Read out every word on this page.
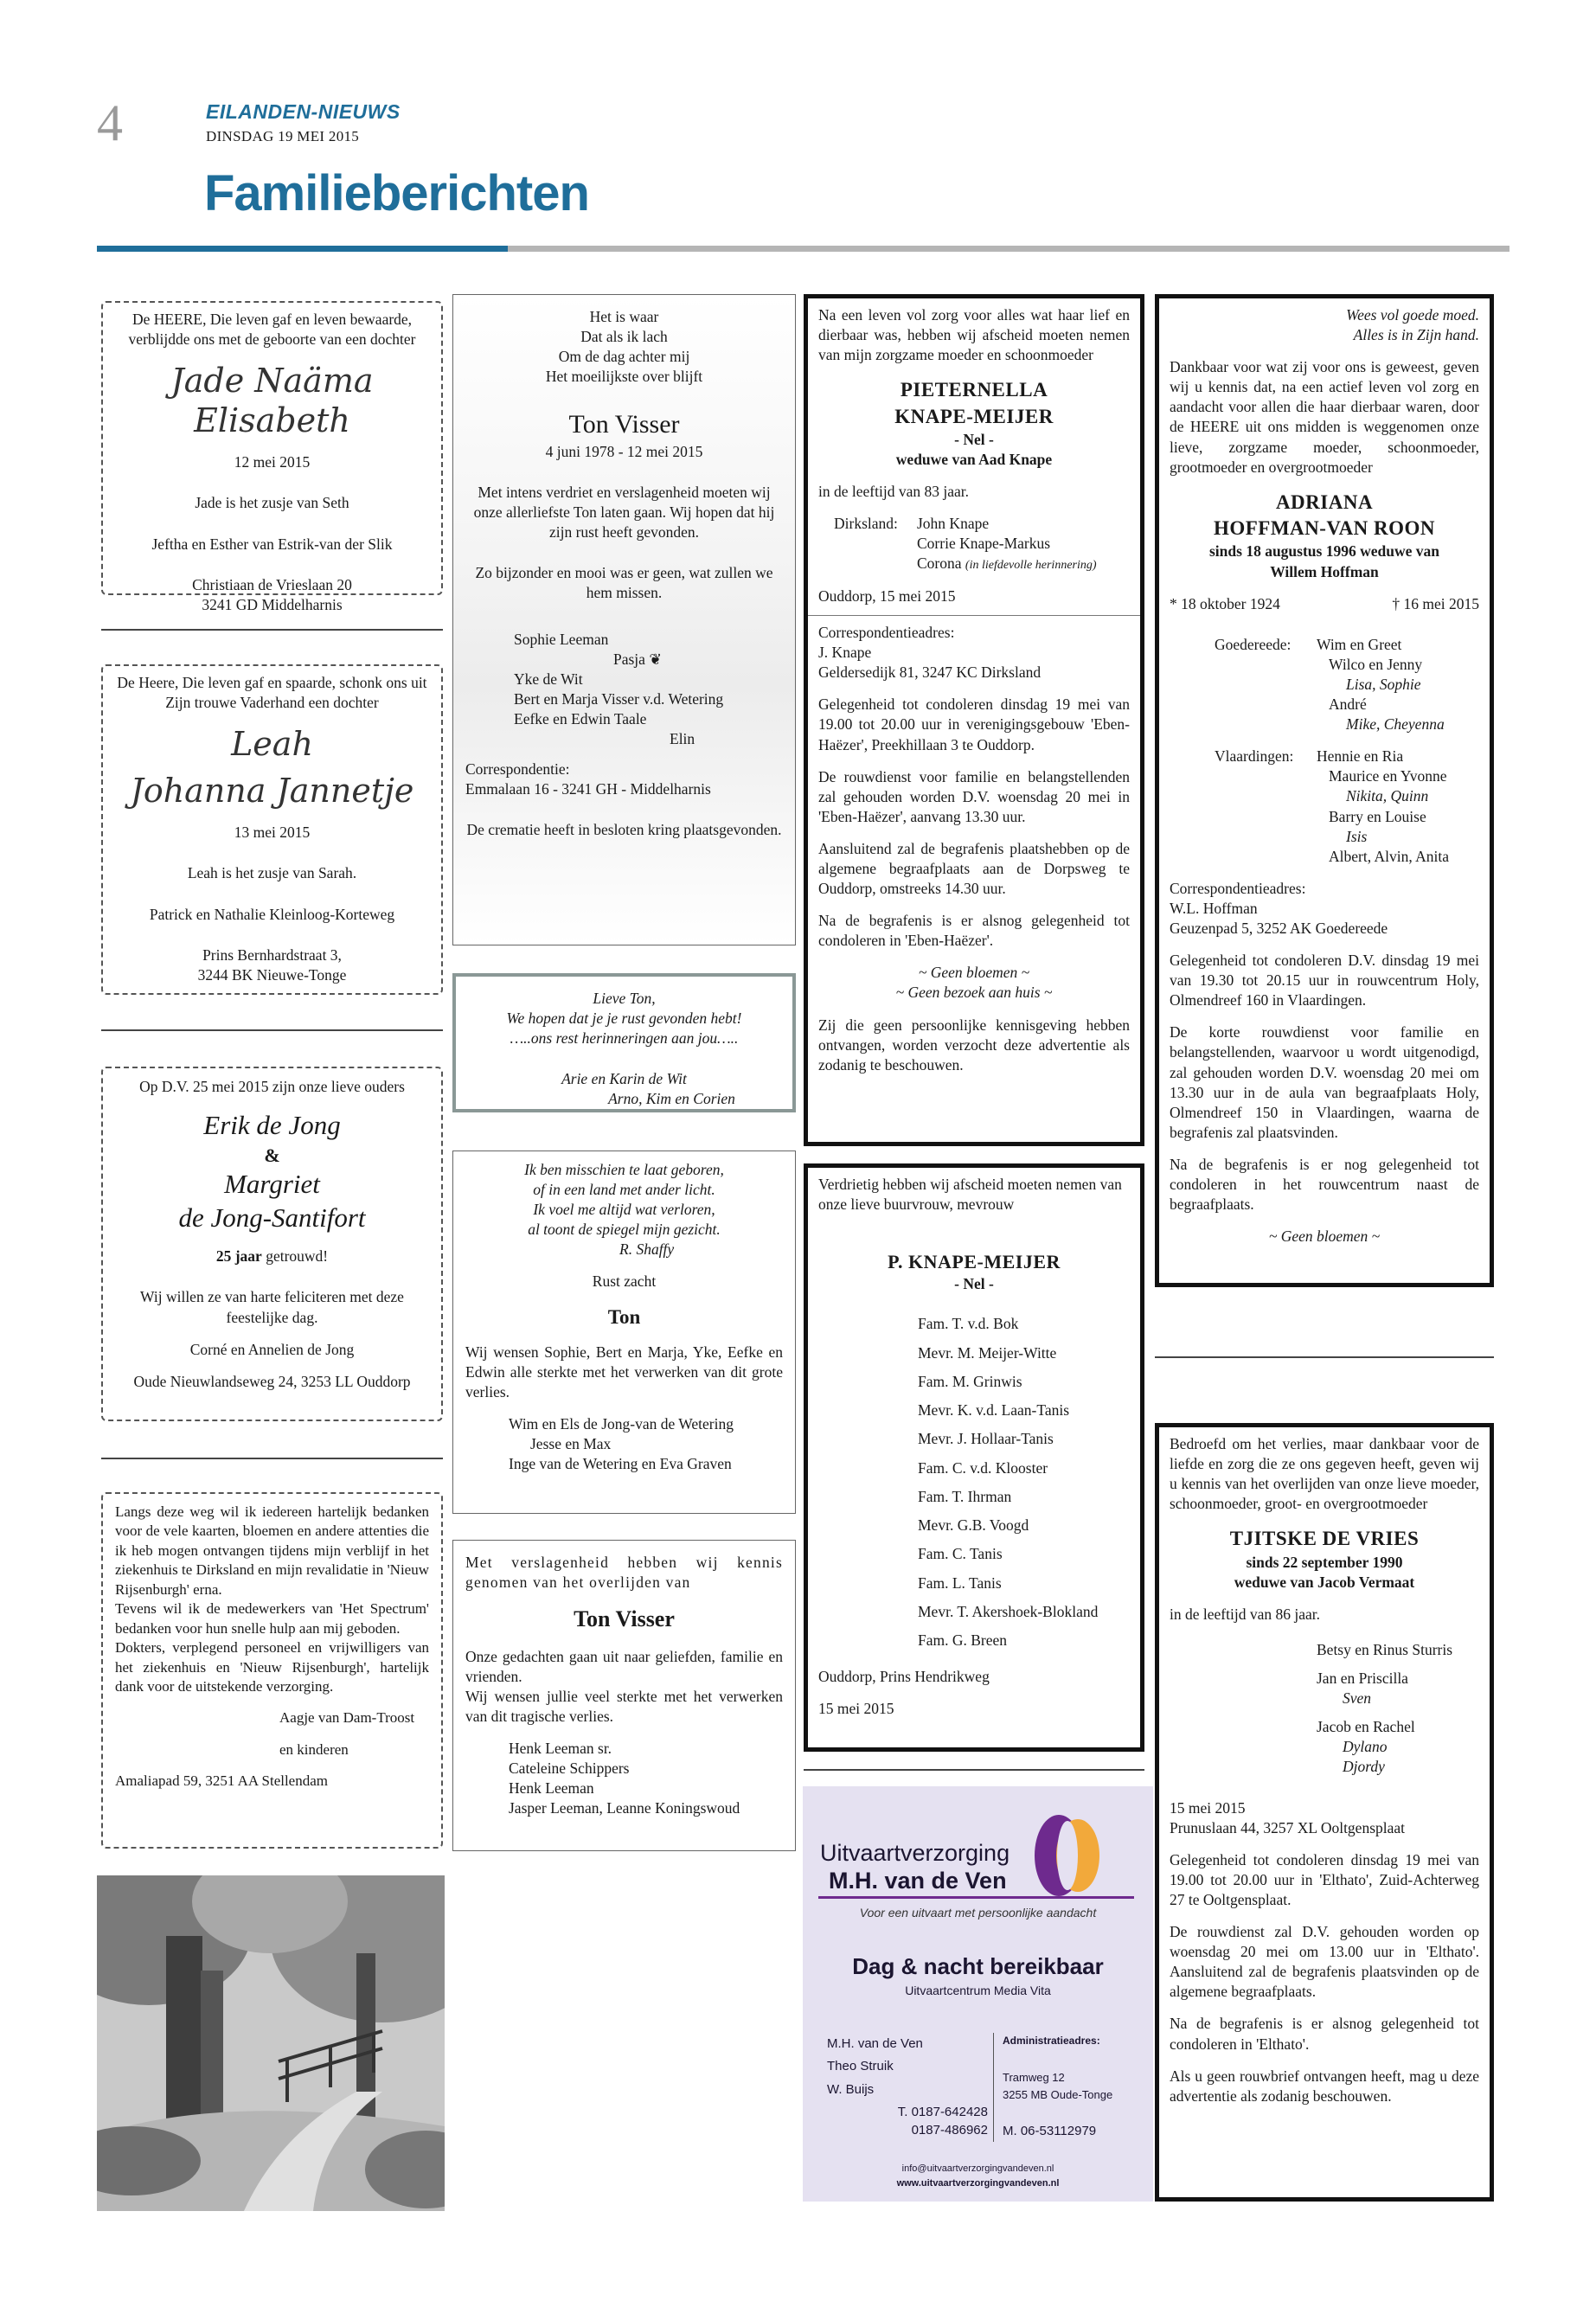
4	EILANDEN-NIEUWS
DINSDAG 19 MEI 2015
Familieberichten
De HEERE, Die leven gaf en leven bewaarde, verblijdde ons met de geboorte van een dochter
Jade Naäma Elisabeth
12 mei 2015
Jade is het zusje van Seth
Jeftha en Esther van Estrik-van der Slik
Christiaan de Vrieslaan 20
3241 GD Middelharnis
De Heere, Die leven gaf en spaarde, schonk ons uit Zijn trouwe Vaderhand een dochter
Leah
Johanna Jannetje
13 mei 2015
Leah is het zusje van Sarah.
Patrick en Nathalie Kleinloog-Korteweg
Prins Bernhardstraat 3,
3244 BK Nieuwe-Tonge
Op D.V. 25 mei 2015 zijn onze lieve ouders
Erik de Jong
&
Margriet
de Jong-Santifort
25 jaar getrouwd!
Wij willen ze van harte feliciteren met deze feestelijke dag.
Corné en Annelien de Jong
Oude Nieuwlandseweg 24, 3253 LL Ouddorp
Langs deze weg wil ik iedereen hartelijk bedanken voor de vele kaarten, bloemen en andere attenties die ik heb mogen ontvangen tijdens mijn verblijf in het ziekenhuis te Dirksland en mijn revalidatie in 'Nieuw Rijsenburgh' erna.
Tevens wil ik de medewerkers van 'Het Spectrum' bedanken voor hun snelle hulp aan mij geboden.
Dokters, verplegend personeel en vrijwilligers van het ziekenhuis en 'Nieuw Rijsenburgh', hartelijk dank voor de uitstekende verzorging.
Aagje van Dam-Troost
en kinderen
Amaliapad 59, 3251 AA Stellendam
Het is waar
Dat als ik lach
Om de dag achter mij
Het moeilijkste over blijft
Ton Visser
4 juni 1978 - 12 mei 2015
Met intens verdriet en verslagenheid moeten wij onze allerliefste Ton laten gaan. Wij hopen dat hij zijn rust heeft gevonden.
Zo bijzonder en mooi was er geen, wat zullen we hem missen.
Sophie Leeman
Pasja ❦
Yke de Wit
Bert en Marja Visser v.d. Wetering
Eefke en Edwin Taale
Elin
Correspondentie:
Emmalaan 16 - 3241 GH - Middelharnis
De crematie heeft in besloten kring plaatsgevonden.
Lieve Ton,
We hopen dat je je rust gevonden hebt!
…..ons rest herinneringen aan jou…..
Arie en Karin de Wit
Arno, Kim en Corien
Ik ben misschien te laat geboren,
of in een land met ander licht.
Ik voel me altijd wat verloren,
al toont de spiegel mijn gezicht.
R. Shaffy
Rust zacht
Ton
Wij wensen Sophie, Bert en Marja, Yke, Eefke en Edwin alle sterkte met het verwerken van dit grote verlies.
Wim en Els de Jong-van de Wetering
Jesse en Max
Inge van de Wetering en Eva Graven
Met verslagenheid hebben wij kennis genomen van het overlijden van
Ton Visser
Onze gedachten gaan uit naar geliefden, familie en vrienden.
Wij wensen jullie veel sterkte met het verwerken van dit tragische verlies.
Henk Leeman sr.
Cateleine Schippers
Henk Leeman
Jasper Leeman, Leanne Koningswoud
Na een leven vol zorg voor alles wat haar lief en dierbaar was, hebben wij afscheid moeten nemen van mijn zorgzame moeder en schoonmoeder
PIETERNELLA
KNAPE-MEIJER
- Nel -
weduwe van Aad Knape
in de leeftijd van 83 jaar.
Dirksland:	John Knape
Corrie Knape-Markus
Corona (in liefdevolle herinnering)
Ouddorp, 15 mei 2015
Correspondentieadres:
J. Knape
Geldersedijk 81, 3247 KC Dirksland
Gelegenheid tot condoleren dinsdag 19 mei van 19.00 tot 20.00 uur in verenigingsgebouw 'Eben-Haëzer', Preekhillaan 3 te Ouddorp.
De rouwdienst voor familie en belangstellenden zal gehouden worden D.V. woensdag 20 mei in 'Eben-Haëzer', aanvang 13.30 uur.
Aansluitend zal de begrafenis plaatshebben op de algemene begraafplaats aan de Dorpsweg te Ouddorp, omstreeks 14.30 uur.
Na de begrafenis is er alsnog gelegenheid tot condoleren in 'Eben-Haëzer'.
~ Geen bloemen ~
~ Geen bezoek aan huis ~
Zij die geen persoonlijke kennisgeving hebben ontvangen, worden verzocht deze advertentie als zodanig te beschouwen.
Verdrietig hebben wij afscheid moeten nemen van onze lieve buurvrouw, mevrouw
P. KNAPE-MEIJER
- Nel -
Fam. T. v.d. Bok
Mevr. M. Meijer-Witte
Fam. M. Grinwis
Mevr. K. v.d. Laan-Tanis
Mevr. J. Hollaar-Tanis
Fam. C. v.d. Klooster
Fam. T. Ihrman
Mevr. G.B. Voogd
Fam. C. Tanis
Fam. L. Tanis
Mevr. T. Akershoek-Blokland
Fam. G. Breen
Ouddorp, Prins Hendrikweg
15 mei 2015
Uitvaartverzorging
M.H. van de Ven
Voor een uitvaart met persoonlijke aandacht
Dag & nacht bereikbaar
Uitvaartcentrum Media Vita
M.H. van de Ven
Theo Struik
W. Buijs
T. 0187-642428
0187-486962
Administratieadres:
Tramweg 12
3255 MB Oude-Tonge
M. 06-53112979
info@uitvaartverzorgingvandeven.nl
www.uitvaartverzorgingvandeven.nl
Wees vol goede moed.
Alles is in Zijn hand.
Dankbaar voor wat zij voor ons is geweest, geven wij u kennis dat, na een actief leven vol zorg en aandacht voor allen die haar dierbaar waren, door de HEERE uit ons midden is weggenomen onze lieve, zorgzame moeder, schoonmoeder, grootmoeder en overgrootmoeder
ADRIANA
HOFFMAN-VAN ROON
sinds 18 augustus 1996 weduwe van
Willem Hoffman
* 18 oktober 1924	† 16 mei 2015
Goedereede:	Wim en Greet
Wilco en Jenny
Lisa, Sophie
André
Mike, Cheyenna
Vlaardingen:	Hennie en Ria
Maurice en Yvonne
Nikita, Quinn
Barry en Louise
Isis
Albert, Alvin, Anita
Correspondentieadres:
W.L. Hoffman
Geuzenpad 5, 3252 AK Goedereede
Gelegenheid tot condoleren D.V. dinsdag 19 mei van 19.30 tot 20.15 uur in rouwcentrum Holy, Olmendreef 160 in Vlaardingen.
De korte rouwdienst voor familie en belangstellenden, waarvoor u wordt uitgenodigd, zal gehouden worden D.V. woensdag 20 mei om 13.30 uur in de aula van begraafplaats Holy, Olmendreef 150 in Vlaardingen, waarna de begrafenis zal plaatsvinden.
Na de begrafenis is er nog gelegenheid tot condoleren in het rouwcentrum naast de begraafplaats.
~ Geen bloemen ~
Bedroefd om het verlies, maar dankbaar voor de liefde en zorg die ze ons gegeven heeft, geven wij u kennis van het overlijden van onze lieve moeder, schoonmoeder, groot- en overgrootmoeder
TJITSKE DE VRIES
sinds 22 september 1990
weduwe van Jacob Vermaat
in de leeftijd van 86 jaar.
Betsy en Rinus Sturris
Jan en Priscilla
Sven
Jacob en Rachel
Dylano
Djordy
15 mei 2015
Prunuslaan 44, 3257 XL Ooltgensplaat
Gelegenheid tot condoleren dinsdag 19 mei van 19.00 tot 20.00 uur in 'Elthato', Zuid-Achterweg 27 te Ooltgensplaat.
De rouwdienst zal D.V. gehouden worden op woensdag 20 mei om 13.00 uur in 'Elthato'. Aansluitend zal de begrafenis plaatsvinden op de algemene begraafplaats.
Na de begrafenis is er alsnog gelegenheid tot condoleren in 'Elthato'.
Als u geen rouwbrief ontvangen heeft, mag u deze advertentie als zodanig beschouwen.
